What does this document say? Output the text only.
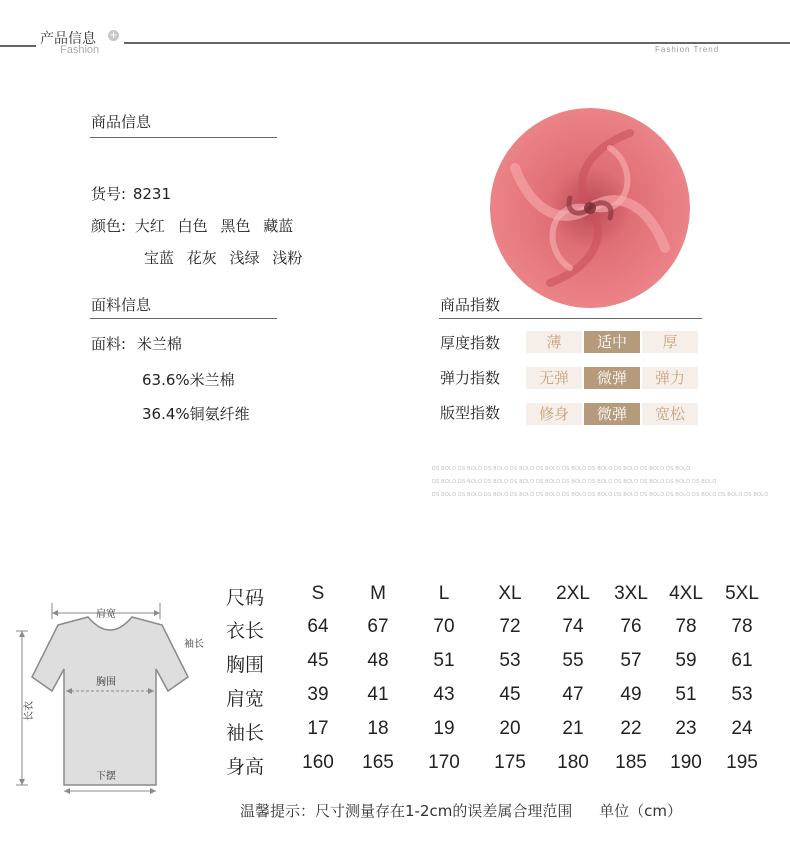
产品信息
Fashion
+
Fashion Trend
商品信息
货号: 8231
颜色: 大红 白色 黑色 藏蓝
宝蓝 花灰 浅绿 浅粉
面料信息
面料: 米兰棉
63.6%米兰棉
36.4%铜氨纤维
商品指数
厚度指数	薄	适中	厚
弹力指数	无弹	微弹	弹力
版型指数	修身	微弹	宽松
DS BOLO DS BOLO DS BOLO DS BOLO DS BOLO DS BOLO DS BOLO DS BOLO DS BOLO DS BOLO
DS BOLO DS BOLO DS BOLO DS BOLO DS BOLO DS BOLO DS BOLO DS BOLO DS BOLO DS BOLO DS BOLO
DS BOLO DS BOLO DS BOLO DS BOLO DS BOLO DS BOLO DS BOLO DS BOLO DS BOLO DS BOLO DS BOLO DS BOLO DS BOLO
肩宽
袖长
胸围
下摆
长衣
尺码	S	M	L	XL	2XL	3XL	4XL	5XL
衣长	64	67	70	72	74	76	78	78
胸围	45	48	51	53	55	57	59	61
肩宽	39	41	43	45	47	49	51	53
袖长	17	18	19	20	21	22	23	24
身高	160	165	170	175	180	185	190	195
温馨提示：尺寸测量存在1-2cm的误差属合理范围 单位（cm）
